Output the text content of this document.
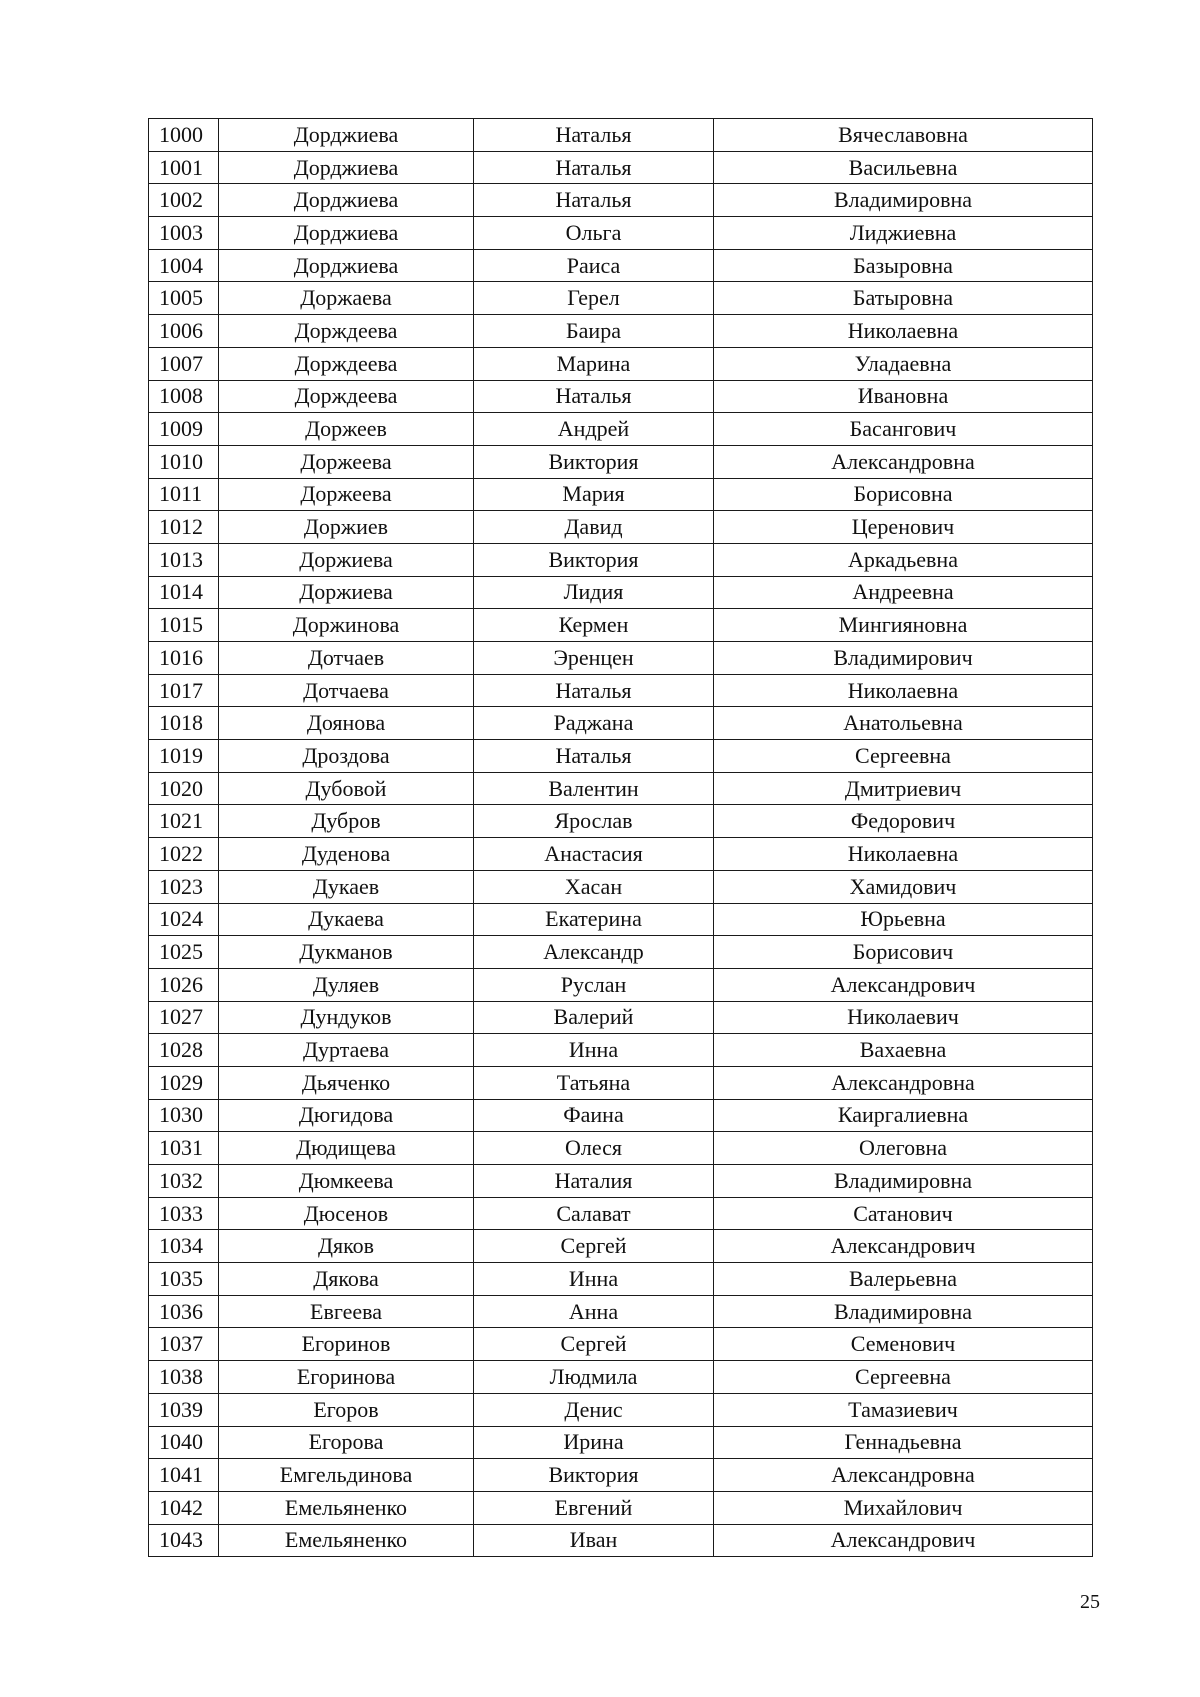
1000	Дорджиева	Наталья	Вячеславовна
1001	Дорджиева	Наталья	Васильевна
1002	Дорджиева	Наталья	Владимировна
1003	Дорджиева	Ольга	Лиджиевна
1004	Дорджиева	Раиса	Базыровна
1005	Доржаева	Герел	Батыровна
1006	Дорждеева	Баира	Николаевна
1007	Дорждеева	Марина	Уладаевна
1008	Дорждеева	Наталья	Ивановна
1009	Доржеев	Андрей	Басангович
1010	Доржеева	Виктория	Александровна
1011	Доржеева	Мария	Борисовна
1012	Доржиев	Давид	Церенович
1013	Доржиева	Виктория	Аркадьевна
1014	Доржиева	Лидия	Андреевна
1015	Доржинова	Кермен	Мингияновна
1016	Дотчаев	Эренцен	Владимирович
1017	Дотчаева	Наталья	Николаевна
1018	Доянова	Раджана	Анатольевна
1019	Дроздова	Наталья	Сергеевна
1020	Дубовой	Валентин	Дмитриевич
1021	Дубров	Ярослав	Федорович
1022	Дуденова	Анастасия	Николаевна
1023	Дукаев	Хасан	Хамидович
1024	Дукаева	Екатерина	Юрьевна
1025	Дукманов	Александр	Борисович
1026	Дуляев	Руслан	Александрович
1027	Дундуков	Валерий	Николаевич
1028	Дуртаева	Инна	Вахаевна
1029	Дьяченко	Татьяна	Александровна
1030	Дюгидова	Фаина	Каиргалиевна
1031	Дюдищева	Олеся	Олеговна
1032	Дюмкеева	Наталия	Владимировна
1033	Дюсенов	Салават	Сатанович
1034	Дяков	Сергей	Александрович
1035	Дякова	Инна	Валерьевна
1036	Евгеева	Анна	Владимировна
1037	Егоринов	Сергей	Семенович
1038	Егоринова	Людмила	Сергеевна
1039	Егоров	Денис	Тамазиевич
1040	Егорова	Ирина	Геннадьевна
1041	Емгельдинова	Виктория	Александровна
1042	Емельяненко	Евгений	Михайлович
1043	Емельяненко	Иван	Александрович
25
